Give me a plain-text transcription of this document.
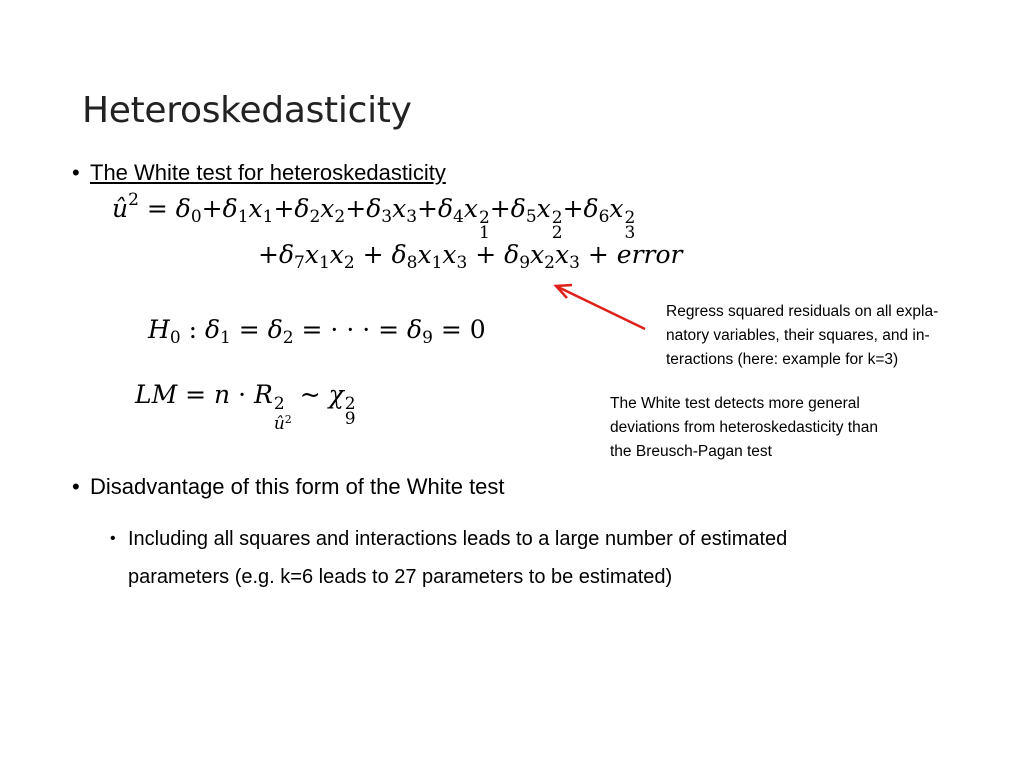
Heteroskedasticity
• The White test for heteroskedasticity
$û^2 = \delta_0+\delta_1x_1+\delta_2x_2+\delta_3x_3+\delta_4x$ 2
1
$+\delta_5x$ 2
2
$+\delta_6x$ 2
3
$+\delta_7x_1x_2 + \delta_8x_1x_3 + \delta_9x_2x_3$ + error
$H_0$ : $\delta_1 = \delta_2$ = · · · = $\delta_9 = 0$
LM = n · R 2
$û^2$
~ χ 2
9
Regress squared residuals on all expla-
natory variables, their squares, and in-
teractions (here: example for k=3)
The White test detects more general
deviations from heteroskedasticity than
the Breusch-Pagan test
• Disadvantage of this form of the White test
• Including all squares and interactions leads to a large number of estimated
parameters (e.g. k=6 leads to 27 parameters to be estimated)
